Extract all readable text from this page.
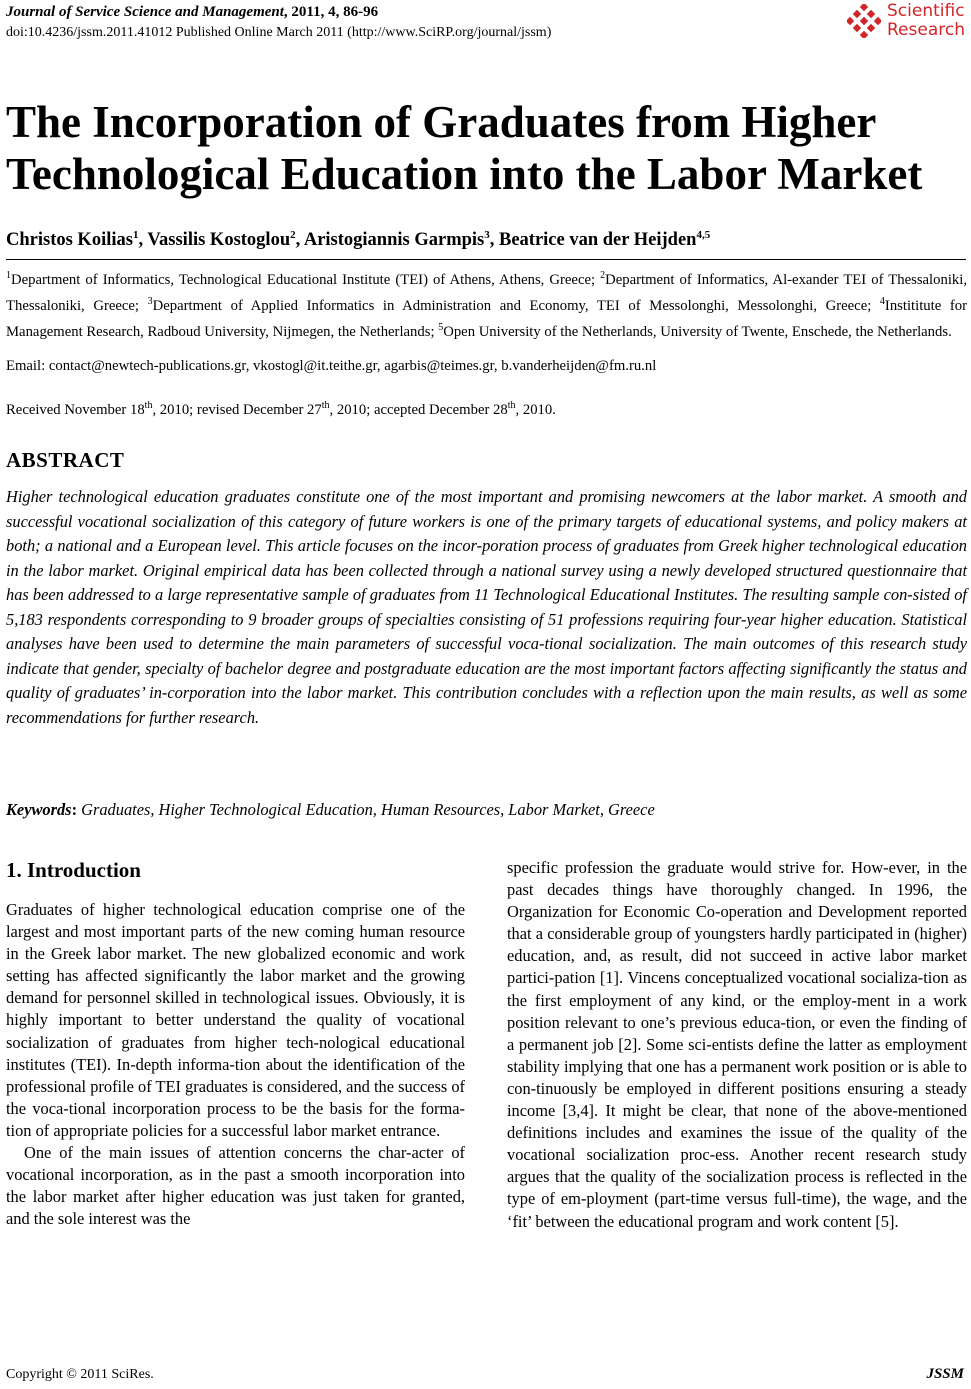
Journal of Service Science and Management, 2011, 4, 86-96
doi:10.4236/jssm.2011.41012 Published Online March 2011 (http://www.SciRP.org/journal/jssm)
Scientific
Research
The Incorporation of Graduates from Higher Technological Education into the Labor Market
Christos Koilias$^1$, Vassilis Kostoglou$^2$, Aristogiannis Garmpis$^3$, Beatrice van der Heijden$^{4,5}$
$^1$Department of Informatics, Technological Educational Institute (TEI) of Athens, Athens, Greece; $^2$Department of Informatics, Al-exander TEI of Thessaloniki, Thessaloniki, Greece; $^3$Department of Applied Informatics in Administration and Economy, TEI of Messolonghi, Messolonghi, Greece; $^4$Instititute for Management Research, Radboud University, Nijmegen, the Netherlands; $^5$Open University of the Netherlands, University of Twente, Enschede, the Netherlands.
Email: contact@newtech-publications.gr, vkostogl@it.teithe.gr, agarbis@teimes.gr, b.vanderheijden@fm.ru.nl
Received November 18th, 2010; revised December 27th, 2010; accepted December 28th, 2010.
ABSTRACT
Higher technological education graduates constitute one of the most important and promising newcomers at the labor market. A smooth and successful vocational socialization of this category of future workers is one of the primary targets of educational systems, and policy makers at both; a national and a European level. This article focuses on the incor-poration process of graduates from Greek higher technological education in the labor market. Original empirical data has been collected through a national survey using a newly developed structured questionnaire that has been addressed to a large representative sample of graduates from 11 Technological Educational Institutes. The resulting sample con-sisted of 5,183 respondents corresponding to 9 broader groups of specialties consisting of 51 professions requiring four-year higher education. Statistical analyses have been used to determine the main parameters of successful voca-tional socialization. The main outcomes of this research study indicate that gender, specialty of bachelor degree and postgraduate education are the most important factors affecting significantly the status and quality of graduates’ in-corporation into the labor market. This contribution concludes with a reflection upon the main results, as well as some recommendations for further research.
Keywords: Graduates, Higher Technological Education, Human Resources, Labor Market, Greece
1. Introduction

Graduates of higher technological education comprise one of the largest and most important parts of the new coming human resource in the Greek labor market. The new globalized economic and work setting has affected significantly the labor market and the growing demand for personnel skilled in technological issues. Obviously, it is highly important to better understand the quality of vocational socialization of graduates from higher tech-nological educational institutes (TEI). In-depth informa-tion about the identification of the professional profile of TEI graduates is considered, and the success of the voca-tional incorporation process to be the basis for the forma-tion of appropriate policies for a successful labor market entrance.

One of the main issues of attention concerns the char-acter of vocational incorporation, as in the past a smooth incorporation into the labor market after higher education was just taken for granted, and the sole interest was the

specific profession the graduate would strive for. How-ever, in the past decades things have thoroughly changed. In 1996, the Organization for Economic Co-operation and Development reported that a considerable group of youngsters hardly participated in (higher) education, and, as result, did not succeed in active labor market partici-pation [1]. Vincens conceptualized vocational socializa-tion as the first employment of any kind, or the employ-ment in a work position relevant to one’s previous educa-tion, or even the finding of a permanent job [2]. Some sci-entists define the latter as employment stability implying that one has a permanent work position or is able to con-tinuously be employed in different positions ensuring a steady income [3,4]. It might be clear, that none of the above-mentioned definitions includes and examines the issue of the quality of the vocational socialization proc-ess. Another recent research study argues that the quality of the socialization process is reflected in the type of em-ployment (part-time versus full-time), the wage, and the ‘fit’ between the educational program and work content [5].

Copyright © 2011 SciRes.	JSSM
